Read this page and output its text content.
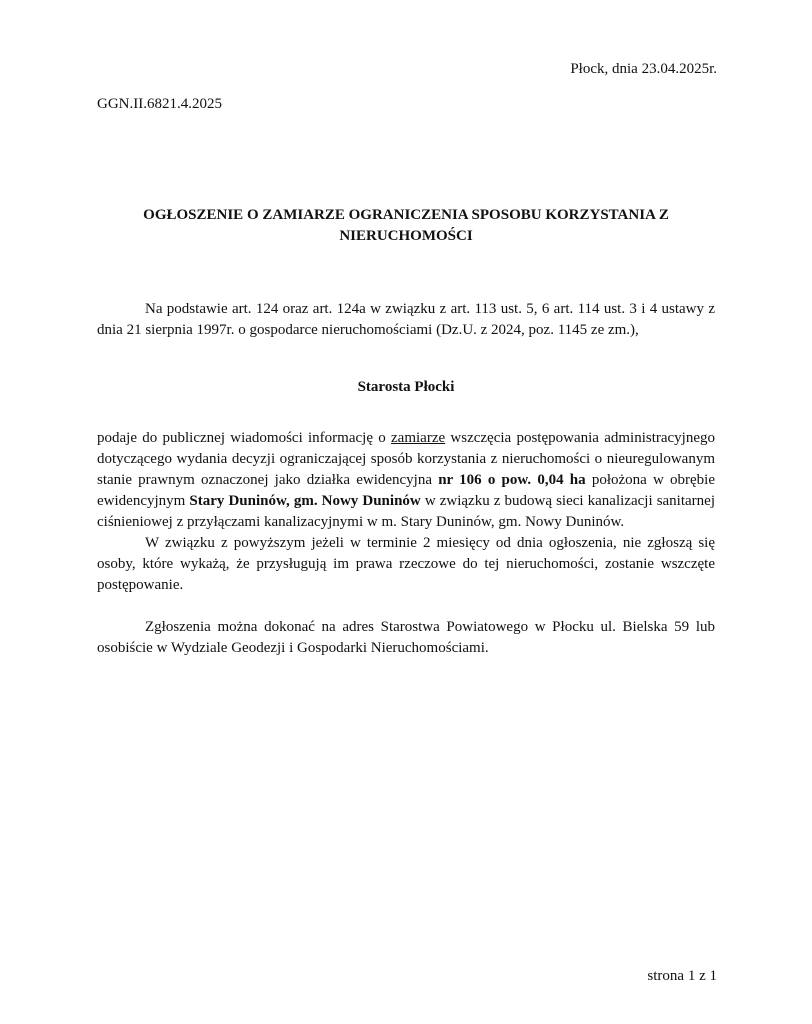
Płock, dnia 23.04.2025r.
GGN.II.6821.4.2025
OGŁOSZENIE O ZAMIARZE OGRANICZENIA SPOSOBU KORZYSTANIA Z
NIERUCHOMOŚCI
Na podstawie art. 124 oraz art. 124a w związku z art. 113 ust. 5, 6 art. 114 ust. 3 i 4 ustawy z dnia 21 sierpnia 1997r. o gospodarce nieruchomościami (Dz.U. z 2024, poz. 1145 ze zm.),
Starosta Płocki

podaje do publicznej wiadomości informację o zamiarze wszczęcia postępowania administracyjnego dotyczącego wydania decyzji ograniczającej sposób korzystania z nieruchomości o nieuregulowanym stanie prawnym oznaczonej jako działka ewidencyjna nr 106 o pow. 0,04 ha położona w obrębie ewidencyjnym Stary Duninów, gm. Nowy Duninów w związku z budową sieci kanalizacji sanitarnej ciśnieniowej z przyłączami kanalizacyjnymi w m. Stary Duninów, gm. Nowy Duninów.

W związku z powyższym jeżeli w terminie 2 miesięcy od dnia ogłoszenia, nie zgłoszą się osoby, które wykażą, że przysługują im prawa rzeczowe do tej nieruchomości, zostanie wszczęte postępowanie.

Zgłoszenia można dokonać na adres Starostwa Powiatowego w Płocku ul. Bielska 59 lub osobiście w Wydziale Geodezji i Gospodarki Nieruchomościami.

strona 1 z 1
